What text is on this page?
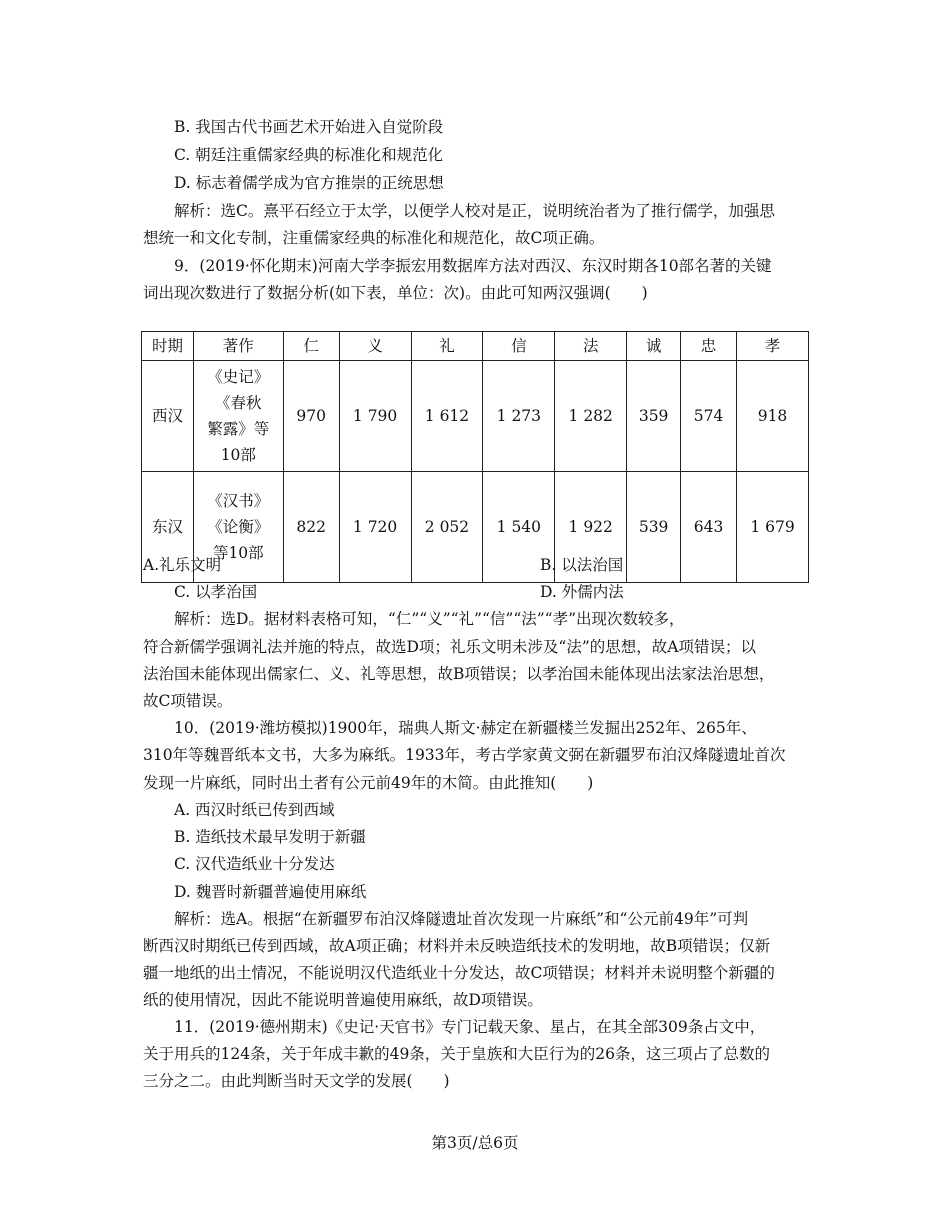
B. 我国古代书画艺术开始进入自觉阶段
C. 朝廷注重儒家经典的标准化和规范化
D. 标志着儒学成为官方推崇的正统思想
解析：选C。熹平石经立于太学，以便学人校对是正，说明统治者为了推行儒学，加强思
想统一和文化专制，注重儒家经典的标准化和规范化，故C项正确。
9．(2019·怀化期末)河南大学李振宏用数据库方法对西汉、东汉时期各10部名著的关键
词出现次数进行了数据分析(如下表，单位：次)。由此可知两汉强调(　　)
时期	著作	仁	义	礼	信	法	诚	忠	孝
西汉	《史记》
《春秋
繁露》等
10部	970	1 790	1 612	1 273	1 282	359	574	918
东汉	《汉书》
《论衡》
等10部	822	1 720	2 052	1 540	1 922	539	643	1 679
A.礼乐文明	B. 以法治国
C. 以孝治国	D. 外儒内法
解析：选D。据材料表格可知，“仁”“义”“礼”“信”“法”“孝”出现次数较多，
符合新儒学强调礼法并施的特点，故选D项；礼乐文明未涉及“法”的思想，故A项错误；以
法治国未能体现出儒家仁、义、礼等思想，故B项错误；以孝治国未能体现出法家法治思想，
故C项错误。
10．(2019·潍坊模拟)1900年，瑞典人斯文·赫定在新疆楼兰发掘出252年、265年、
310年等魏晋纸本文书，大多为麻纸。1933年，考古学家黄文弼在新疆罗布泊汉烽隧遗址首次
发现一片麻纸，同时出土者有公元前49年的木简。由此推知(　　)
A. 西汉时纸已传到西域
B. 造纸技术最早发明于新疆
C. 汉代造纸业十分发达
D. 魏晋时新疆普遍使用麻纸
解析：选A。根据“在新疆罗布泊汉烽隧遗址首次发现一片麻纸”和“公元前49年”可判
断西汉时期纸已传到西域，故A项正确；材料并未反映造纸技术的发明地，故B项错误；仅新
疆一地纸的出土情况，不能说明汉代造纸业十分发达，故C项错误；材料并未说明整个新疆的
纸的使用情况，因此不能说明普遍使用麻纸，故D项错误。
11．(2019·德州期末)《史记·天官书》专门记载天象、星占，在其全部309条占文中，
关于用兵的124条，关于年成丰歉的49条，关于皇族和大臣行为的26条，这三项占了总数的
三分之二。由此判断当时天文学的发展(　　)
第3页/总6页
